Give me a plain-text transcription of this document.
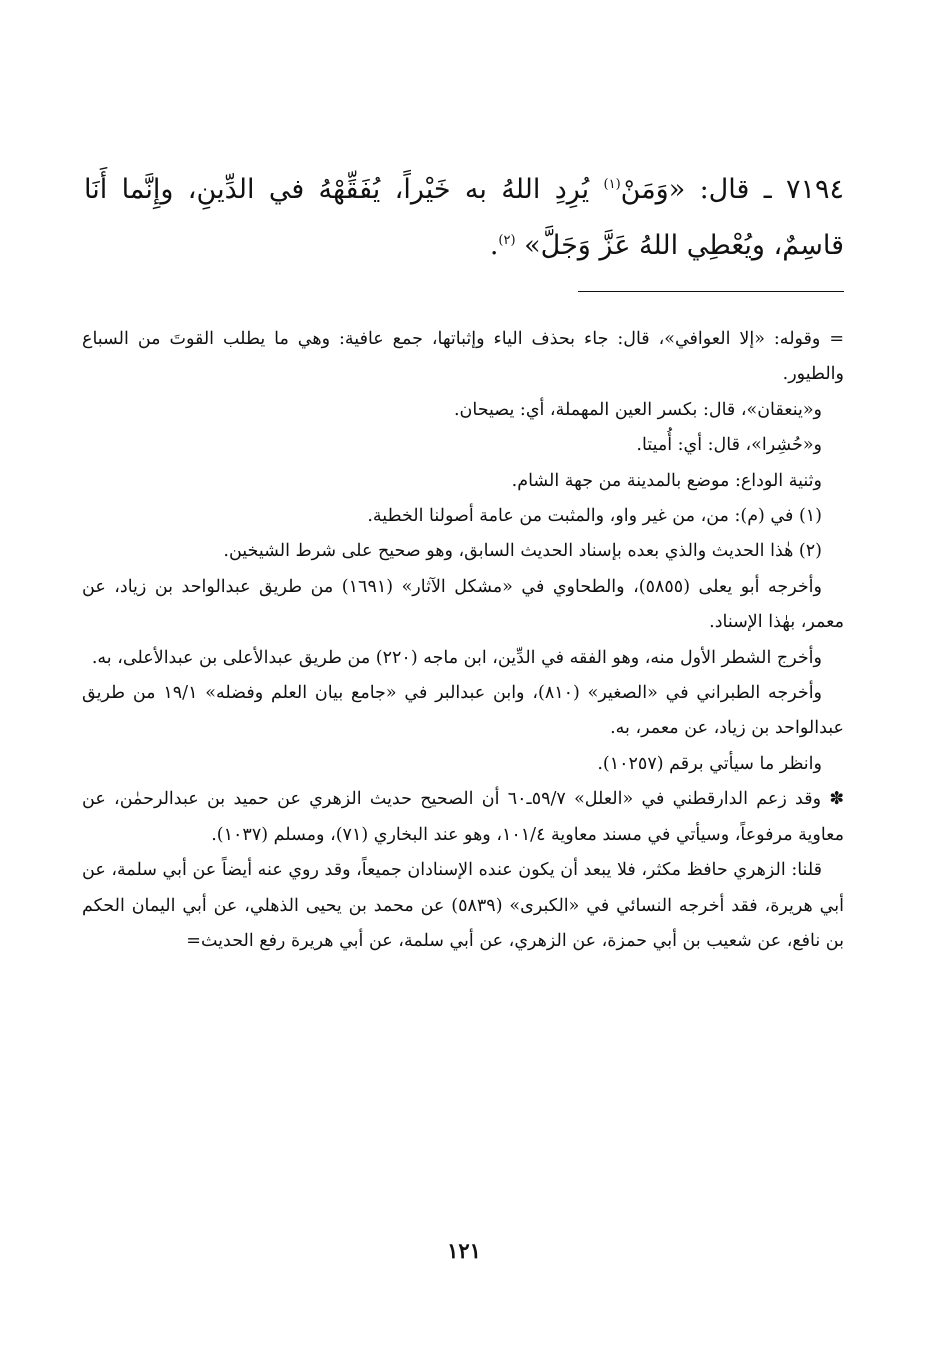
٧١٩٤ ـ قال: «وَمَنْ$^{(١)}$ يُرِدِ اللهُ به خَيْراً، يُفَقِّهْهُ في الدِّينِ، وإِنَّما أَنَا قاسِمٌ، ويُعْطِي اللهُ عَزَّ وَجَلَّ» $^{(٢)}$.

= وقوله: «إلا العوافي»، قال: جاء بحذف الياء وإثباتها، جمع عافية: وهي ما يطلب القوتَ من السباع والطيور.

و«ينعقان»، قال: بكسر العين المهملة، أي: يصيحان.

و«حُشِرا»، قال: أي: أُميتا.

وثنية الوداع: موضع بالمدينة من جهة الشام.

(١) في (م): من، من غير واو، والمثبت من عامة أصولنا الخطية.

(٢) هٰذا الحديث والذي بعده بإسناد الحديث السابق، وهو صحيح على شرط الشيخين.

وأخرجه أبو يعلى (٥٨٥٥)، والطحاوي في «مشكل الآثار» (١٦٩١) من طريق عبدالواحد بن زياد، عن معمر، بهٰذا الإسناد.

وأخرج الشطر الأول منه، وهو الفقه في الدِّين، ابن ماجه (٢٢٠) من طريق عبدالأعلى بن عبدالأعلى، به.

وأخرجه الطبراني في «الصغير» (٨١٠)، وابن عبدالبر في «جامع بيان العلم وفضله» ١٩/١ من طريق عبدالواحد بن زياد، عن معمر، به.

وانظر ما سيأتي برقم (١٠٢٥٧).

✽ وقد زعم الدارقطني في «العلل» ٥٩/٧ـ٦٠ أن الصحيح حديث الزهري عن حميد بن عبدالرحمٰن، عن معاوية مرفوعاً، وسيأتي في مسند معاوية ١٠١/٤، وهو عند البخاري (٧١)، ومسلم (١٠٣٧).

قلنا: الزهري حافظ مكثر، فلا يبعد أن يكون عنده الإسنادان جميعاً، وقد روي عنه أيضاً عن أبي سلمة، عن أبي هريرة، فقد أخرجه النسائي في «الكبرى» (٥٨٣٩) عن محمد بن يحيى الذهلي، عن أبي اليمان الحكم بن نافع، عن شعيب بن أبي حمزة، عن الزهري، عن أبي سلمة، عن أبي هريرة رفع الحديث=

١٢١
